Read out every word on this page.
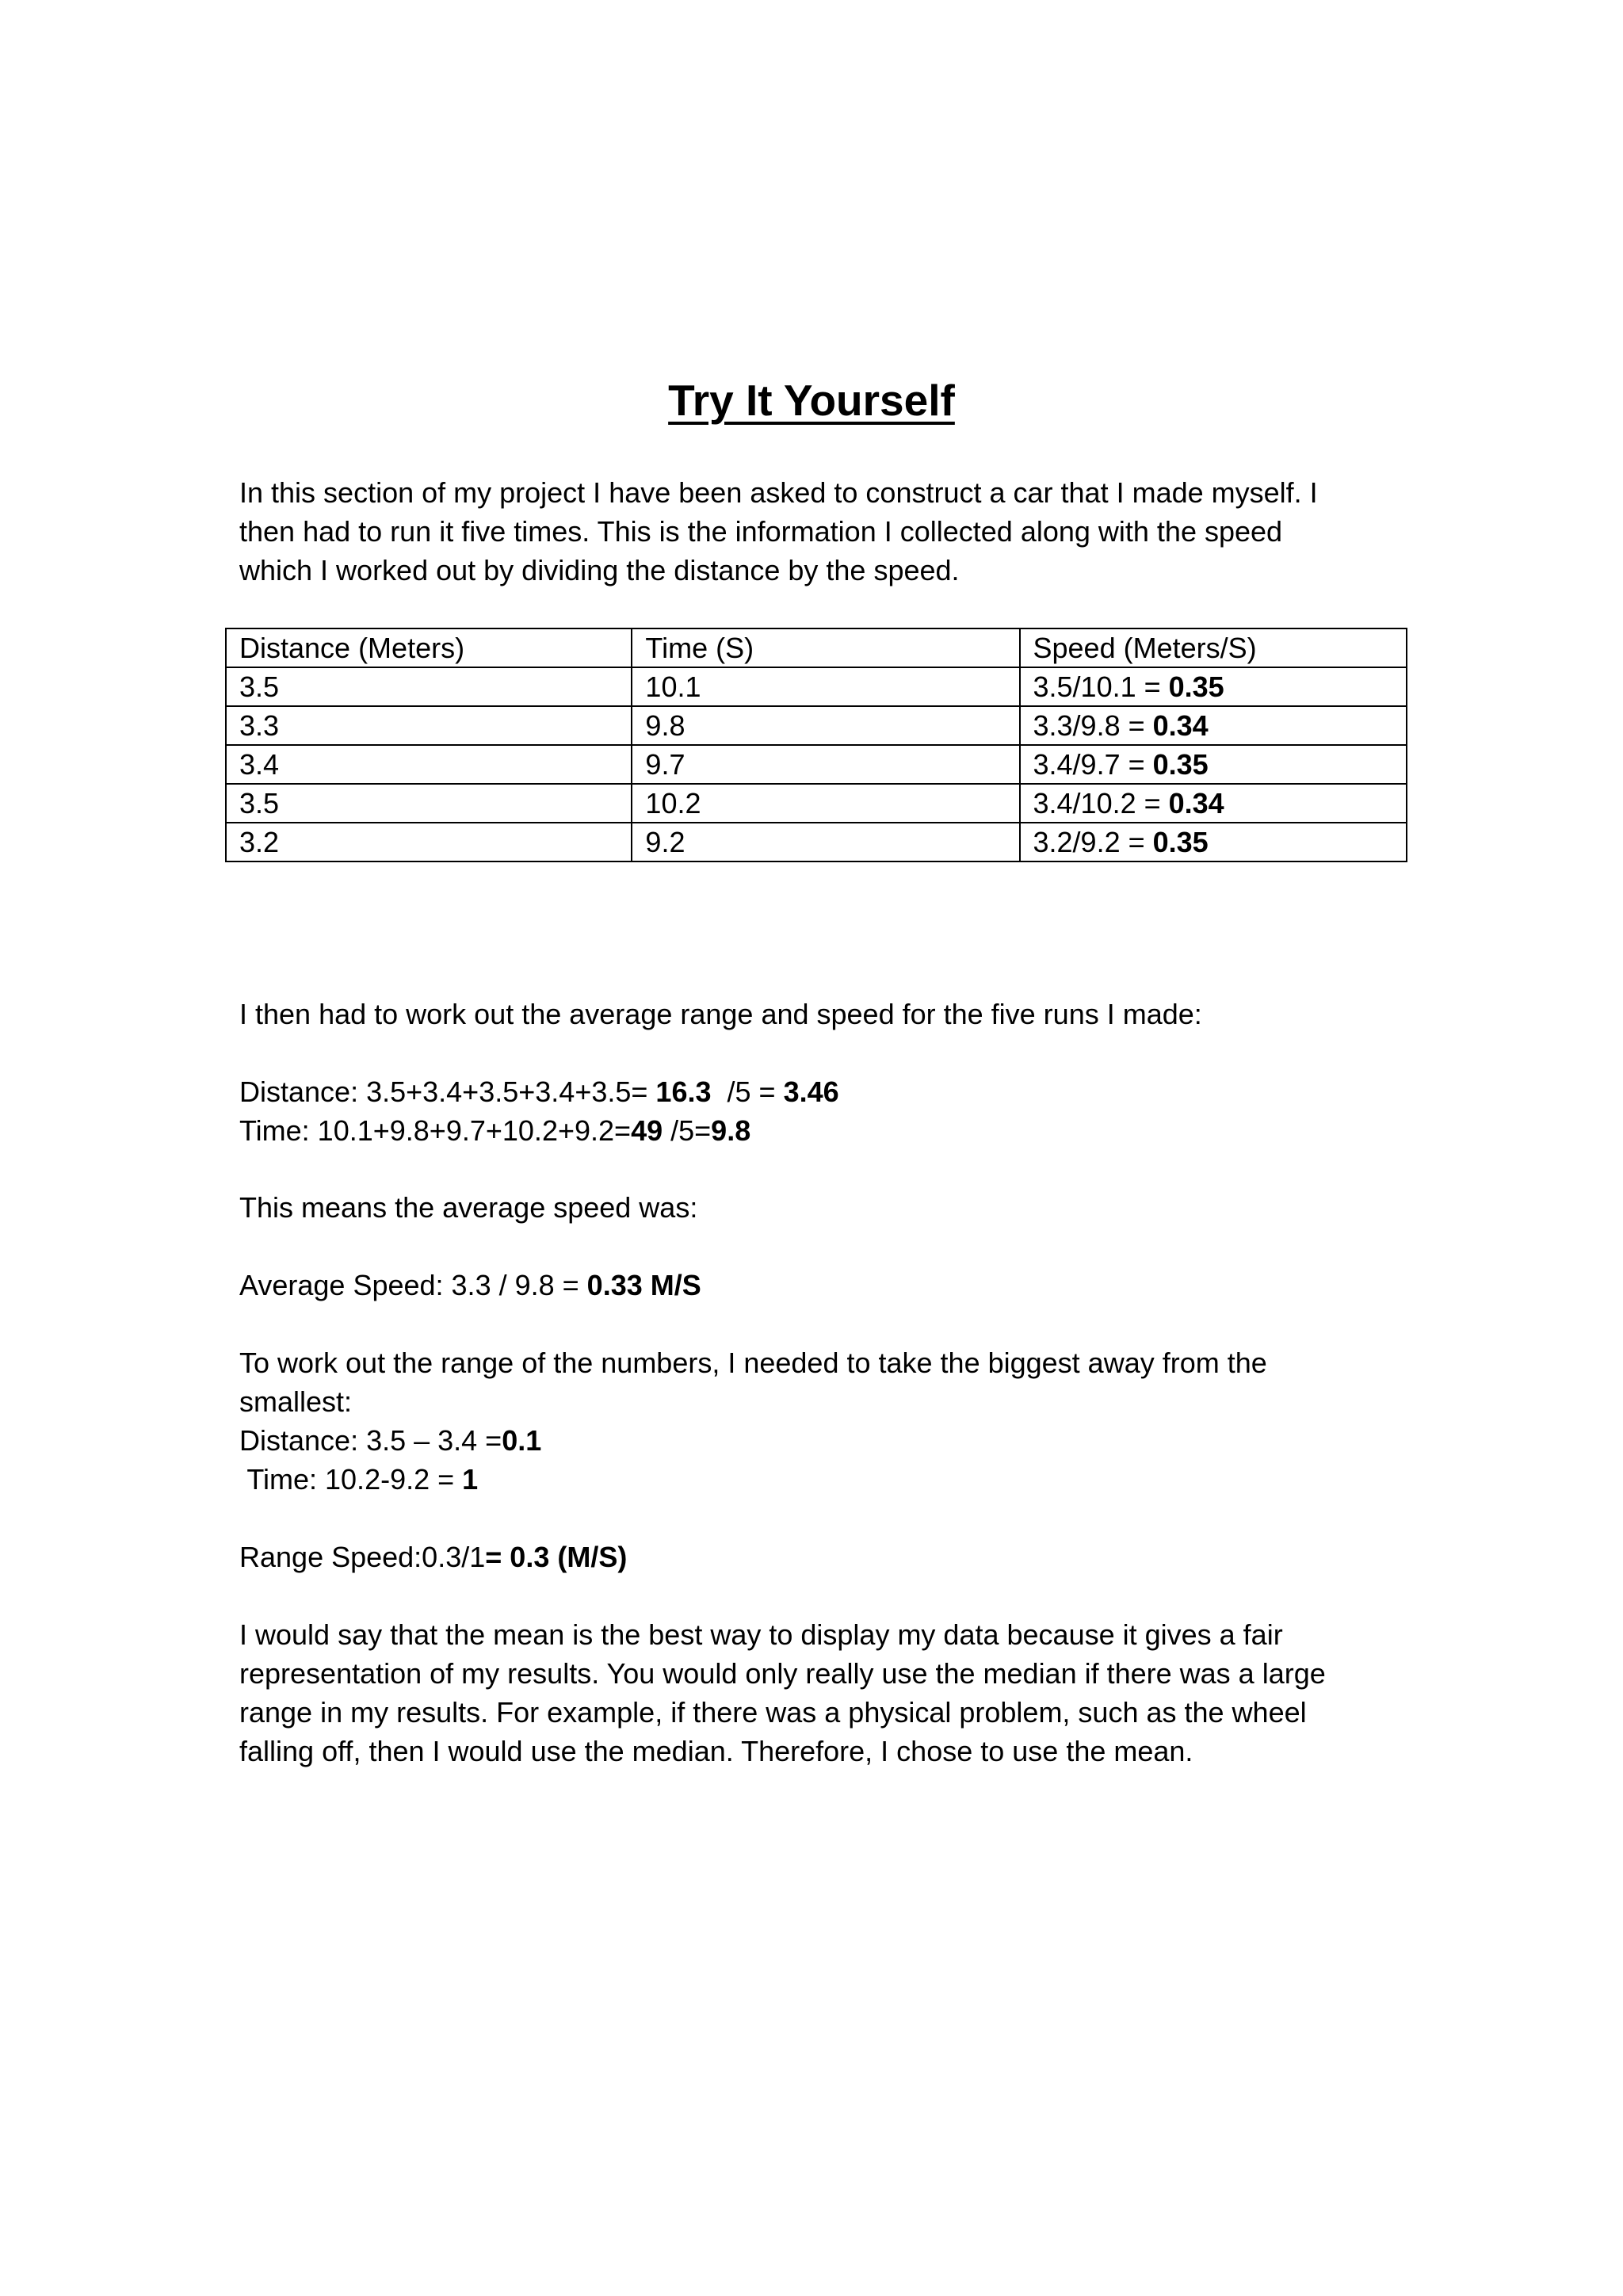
Try It Yourself
In this section of my project I have been asked to construct a car that I made myself. I
then had to run it five times. This is the information I collected along with the speed
which I worked out by dividing the distance by the speed.
Distance (Meters)	Time (S)	Speed (Meters/S)
3.5	10.1	3.5/10.1 = 0.35
3.3	9.8	3.3/9.8 = 0.34
3.4	9.7	3.4/9.7 = 0.35
3.5	10.2	3.4/10.2 = 0.34
3.2	9.2	3.2/9.2 = 0.35
I then had to work out the average range and speed for the five runs I made:
Distance: 3.5+3.4+3.5+3.4+3.5= 16.3  /5 = 3.46
Time: 10.1+9.8+9.7+10.2+9.2=49 /5=9.8
This means the average speed was:
Average Speed: 3.3 / 9.8 = 0.33 M/S
To work out the range of the numbers, I needed to take the biggest away from the
smallest:
Distance: 3.5 – 3.4 =0.1
Time: 10.2-9.2 = 1
Range Speed:0.3/1= 0.3 (M/S)
I would say that the mean is the best way to display my data because it gives a fair
representation of my results. You would only really use the median if there was a large
range in my results. For example, if there was a physical problem, such as the wheel
falling off, then I would use the median. Therefore, I chose to use the mean.
